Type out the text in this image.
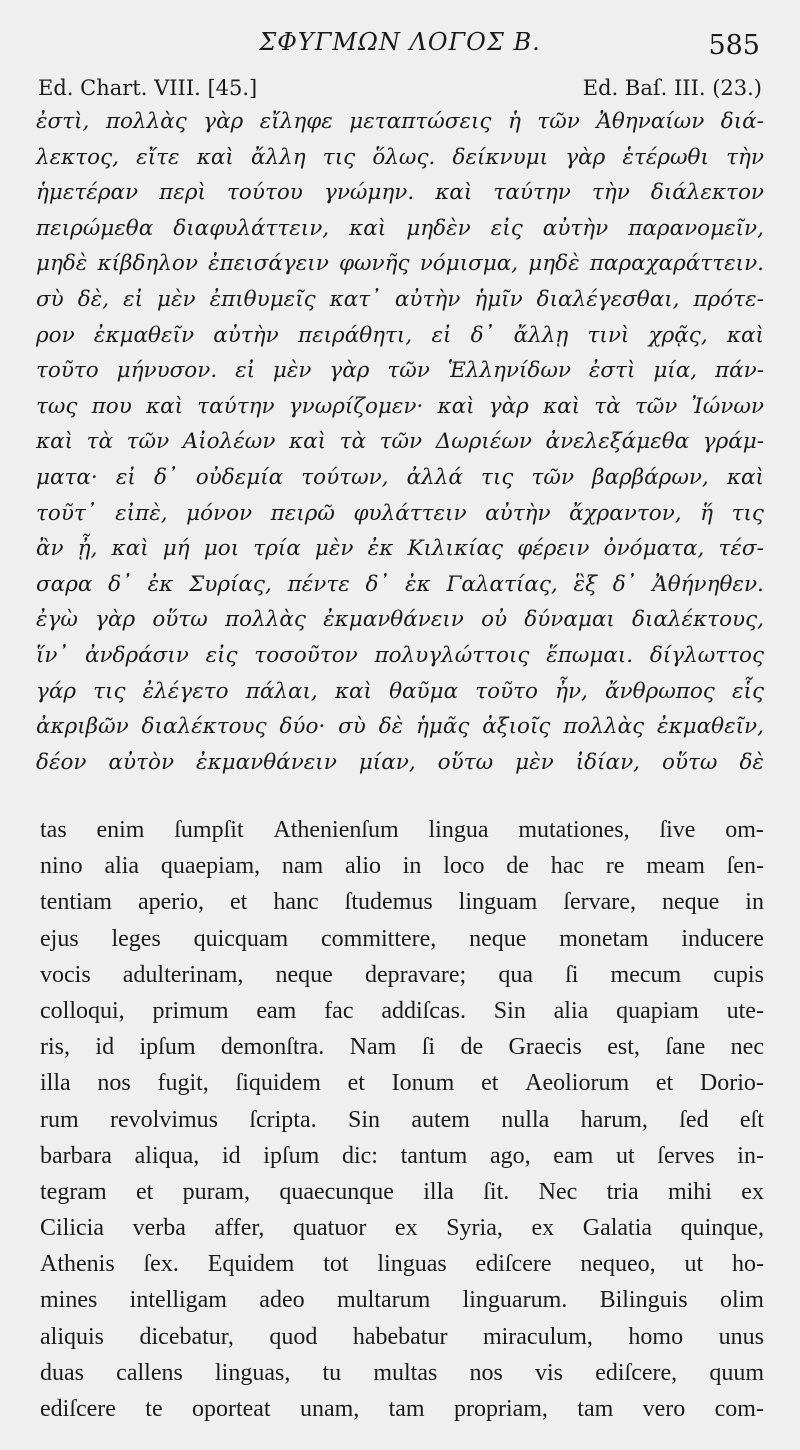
ΣΦΥΓΜΩΝ ΛΟΓΟΣ Β.	585
Ed. Chart. VIII. [45.]	Ed. Baſ. III. (23.)
ἐστὶ, πολλὰς γὰρ εἴληφε μεταπτώσεις ἡ τῶν Ἀθηναίων διά-
λεκτος, εἴτε καὶ ἄλλη τις ὅλως. δείκνυμι γὰρ ἑτέρωθι τὴν
ἡμετέραν περὶ τούτου γνώμην. καὶ ταύτην τὴν διάλεκτον
πειρώμεθα διαφυλάττειν, καὶ μηδὲν εἰς αὐτὴν παρανομεῖν,
μηδὲ κίβδηλον ἐπεισάγειν φωνῆς νόμισμα, μηδὲ παραχαράττειν.
σὺ δὲ, εἰ μὲν ἐπιθυμεῖς κατ᾽ αὐτὴν ἡμῖν διαλέγεσθαι, πρότε-
ρον ἐκμαθεῖν αὐτὴν πειράθητι, εἰ δ᾽ ἄλλῃ τινὶ χρᾷς, καὶ
τοῦτο μήνυσον. εἰ μὲν γὰρ τῶν Ἑλληνίδων ἐστὶ μία, πάν-
τως που καὶ ταύτην γνωρίζομεν· καὶ γὰρ καὶ τὰ τῶν Ἰώνων
καὶ τὰ τῶν Αἰολέων καὶ τὰ τῶν Δωριέων ἀνελεξάμεθα γράμ-
ματα· εἰ δ᾽ οὐδεμία τούτων, ἀλλά τις τῶν βαρβάρων, καὶ
τοῦτ᾽ εἰπὲ, μόνον πειρῶ φυλάττειν αὐτὴν ἄχραντον, ἥ τις
ἂν ᾖ, καὶ μή μοι τρία μὲν ἐκ Κιλικίας φέρειν ὀνόματα, τέσ-
σαρα δ᾽ ἐκ Συρίας, πέντε δ᾽ ἐκ Γαλατίας, ἓξ δ᾽ Ἀθήνηθεν.
ἐγὼ γὰρ οὕτω πολλὰς ἐκμανθάνειν οὐ δύναμαι διαλέκτους,
ἵν᾽ ἀνδράσιν εἰς τοσοῦτον πολυγλώττοις ἕπωμαι. δίγλωττος
γάρ τις ἐλέγετο πάλαι, καὶ θαῦμα τοῦτο ἦν, ἄνθρωπος εἷς
ἀκριβῶν διαλέκτους δύο· σὺ δὲ ἡμᾶς ἀξιοῖς πολλὰς ἐκμαθεῖν,
δέον αὐτὸν ἐκμανθάνειν μίαν, οὕτω μὲν ἰδίαν, οὕτω δὲ
tas enim ſumpſit Athenienſum lingua mutationes, ſive om-
nino alia quaepiam, nam alio in loco de hac re meam ſen-
tentiam aperio, et hanc ſtudemus linguam ſervare, neque in
ejus leges quicquam committere, neque monetam inducere
vocis adulterinam, neque depravare; qua ſi mecum cupis
colloqui, primum eam fac addiſcas. Sin alia quapiam ute-
ris, id ipſum demonſtra. Nam ſi de Graecis est, ſane nec
illa nos fugit, ſiquidem et Ionum et Aeoliorum et Dorio-
rum revolvimus ſcripta. Sin autem nulla harum, ſed eſt
barbara aliqua, id ipſum dic: tantum ago, eam ut ſerves in-
tegram et puram, quaecunque illa ſit. Nec tria mihi ex
Cilicia verba affer, quatuor ex Syria, ex Galatia quinque,
Athenis ſex. Equidem tot linguas ediſcere nequeo, ut ho-
mines intelligam adeo multarum linguarum. Bilinguis olim
aliquis dicebatur, quod habebatur miraculum, homo unus
duas callens linguas, tu multas nos vis ediſcere, quum
ediſcere te oporteat unam, tam propriam, tam vero com-
